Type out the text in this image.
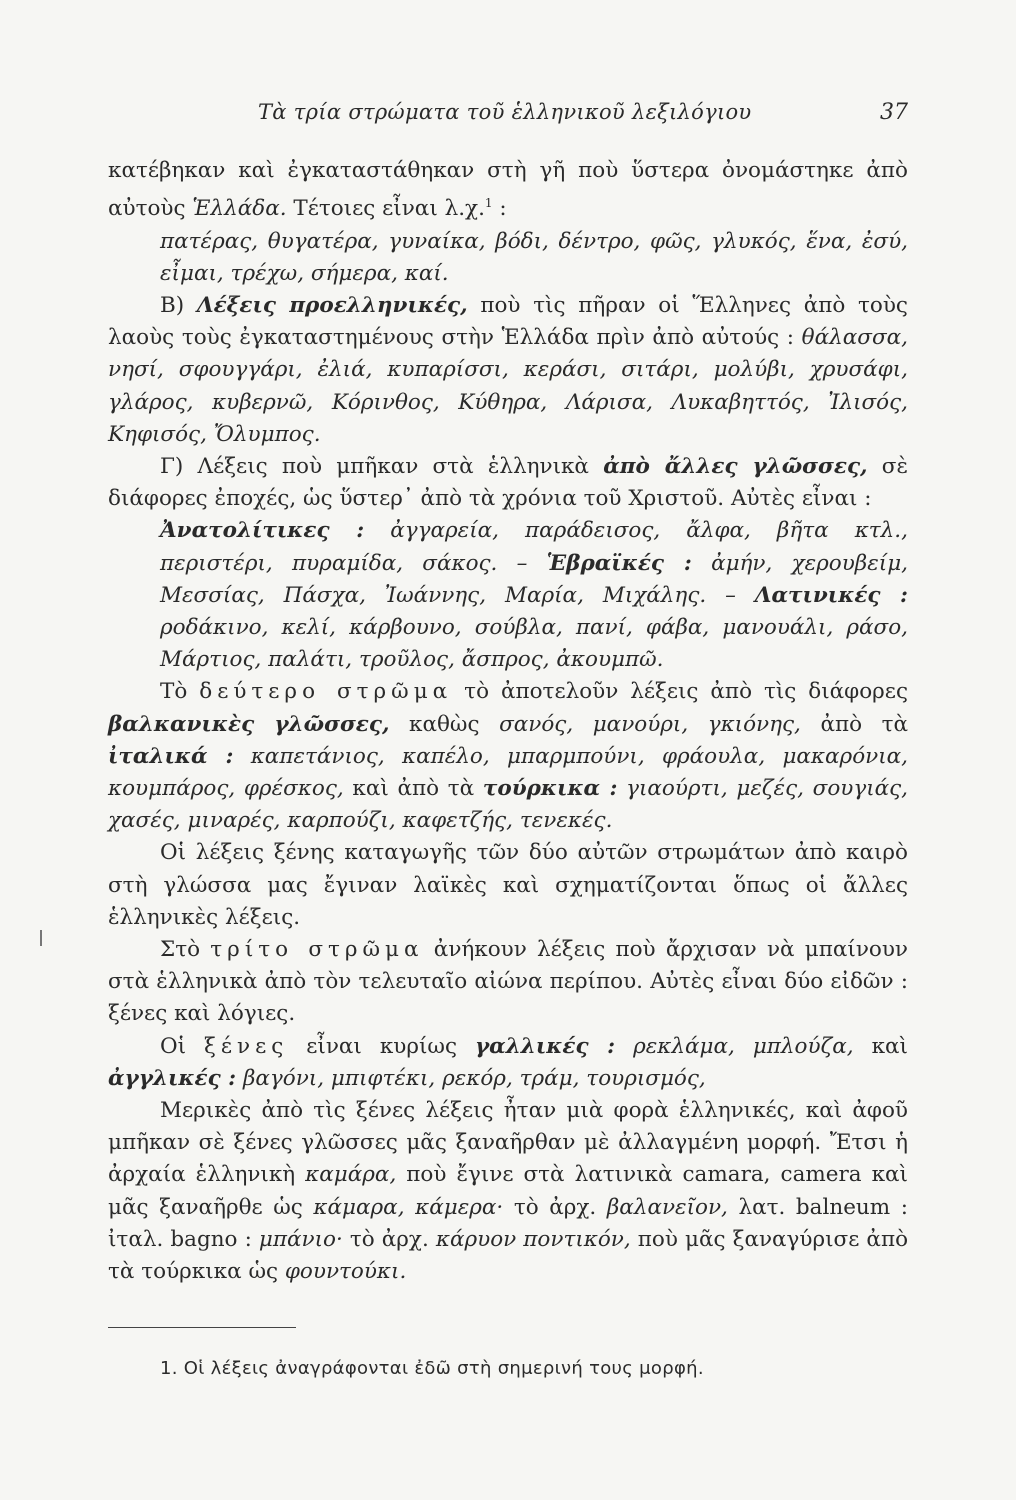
Τὰ τρία στρώματα τοῦ ἑλληνικοῦ λεξιλόγιου	37

κατέβηκαν καὶ ἐγκαταστάθηκαν στὴ γῆ ποὺ ὕστερα ὀνομάστηκε ἀπὸ αὐτοὺς Ἑλλάδα. Τέτοιες εἶναι λ.χ.$^1$ :

πατέρας, θυγατέρα, γυναίκα, βόδι, δέντρο, φῶς, γλυκός, ἕνα, ἐσύ, εἶμαι, τρέχω, σήμερα, καί.

Β) Λέξεις προελληνικές, ποὺ τὶς πῆραν οἱ Ἕλληνες ἀπὸ τοὺς λαοὺς τοὺς ἐγκαταστημένους στὴν Ἑλλάδα πρὶν ἀπὸ αὐτούς : θάλασσα, νησί, σφουγγάρι, ἐλιά, κυπαρίσσι, κεράσι, σιτάρι, μολύβι, χρυσάφι, γλάρος, κυβερνῶ, Κόρινθος, Κύθηρα, Λάρισα, Λυκαβηττός, Ἰλισός, Κηφισός, Ὄλυμπος.

Γ) Λέξεις ποὺ μπῆκαν στὰ ἑλληνικὰ ἀπὸ ἄλλες γλῶσσες, σὲ διάφορες ἐποχές, ὡς ὕστερ᾿ ἀπὸ τὰ χρόνια τοῦ Χριστοῦ. Αὐτὲς εἶναι :

Ἀνατολίτικες : ἀγγαρεία, παράδεισος, ἄλφα, βῆτα κτλ., περιστέρι, πυραμίδα, σάκος. – Ἑβραϊκές : ἀμήν, χερουβείμ, Μεσσίας, Πάσχα, Ἰωάννης, Μαρία, Μιχάλης. – Λατινικές : ροδάκινο, κελί, κάρβουνο, σούβλα, πανί, φάβα, μανουάλι, ράσο, Μάρτιος, παλάτι, τροῦλος, ἄσπρος, ἀκουμπῶ.

Τὸ δεύτερο στρῶμα τὸ ἀποτελοῦν λέξεις ἀπὸ τὶς διάφορες βαλκανικὲς γλῶσσες, καθὼς σανός, μανούρι, γκιόνης, ἀπὸ τὰ ἰταλικά : καπετάνιος, καπέλο, μπαρμπούνι, φράουλα, μακαρόνια, κουμπάρος, φρέσκος, καὶ ἀπὸ τὰ τούρκικα : γιαούρτι, μεζές, σουγιάς, χασές, μιναρές, καρπούζι, καφετζής, τενεκές.

Οἱ λέξεις ξένης καταγωγῆς τῶν δύο αὐτῶν στρωμάτων ἀπὸ καιρὸ στὴ γλώσσα μας ἔγιναν λαϊκὲς καὶ σχηματίζονται ὅπως οἱ ἄλλες ἑλληνικὲς λέξεις.

Στὸ τρίτο στρῶμα ἀνήκουν λέξεις ποὺ ἄρχισαν νὰ μπαίνουν στὰ ἑλληνικὰ ἀπὸ τὸν τελευταῖο αἰώνα περίπου. Αὐτὲς εἶναι δύο εἰδῶν : ξένες καὶ λόγιες.

Οἱ ξένες εἶναι κυρίως γαλλικές : ρεκλάμα, μπλούζα, καὶ ἀγγλικές : βαγόνι, μπιφτέκι, ρεκόρ, τράμ, τουρισμός,

Μερικὲς ἀπὸ τὶς ξένες λέξεις ἦταν μιὰ φορὰ ἑλληνικές, καὶ ἀφοῦ μπῆκαν σὲ ξένες γλῶσσες μᾶς ξαναῆρθαν μὲ ἀλλαγμένη μορφή. Ἔτσι ἡ ἀρχαία ἑλληνικὴ καμάρα, ποὺ ἔγινε στὰ λατινικὰ camara, camera καὶ μᾶς ξαναῆρθε ὡς κάμαρα, κάμερα· τὸ ἀρχ. βαλανεῖον, λατ. balneum : ἰταλ. bagno : μπάνιο· τὸ ἀρχ. κάρυον ποντικόν, ποὺ μᾶς ξαναγύρισε ἀπὸ τὰ τούρκικα ὡς φουντούκι.

1. Οἱ λέξεις ἀναγράφονται ἐδῶ στὴ σημερινή τους μορφή.
